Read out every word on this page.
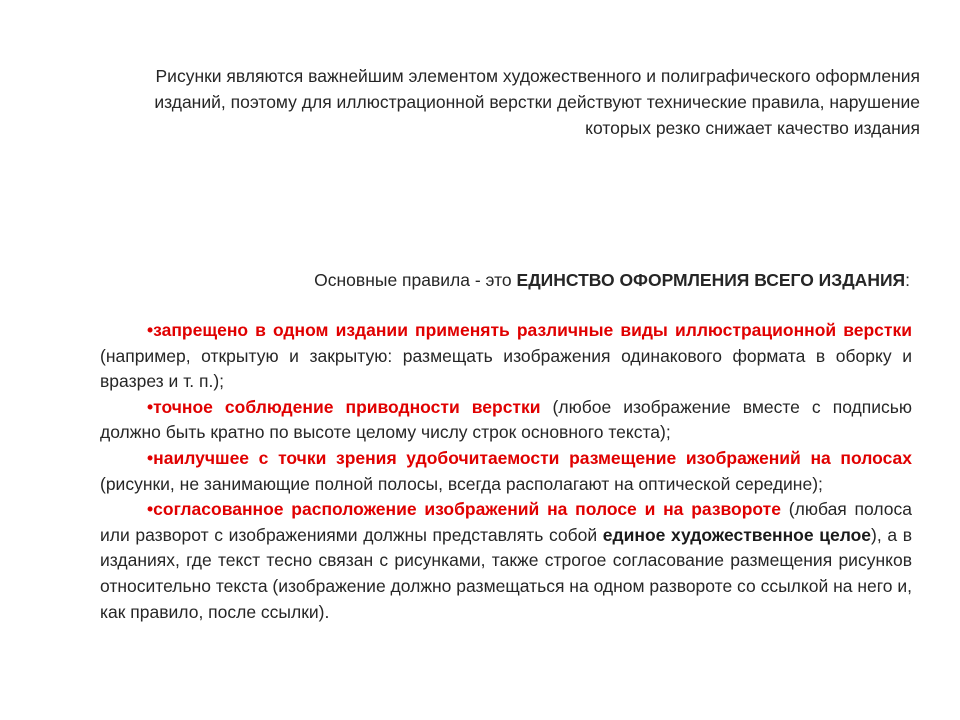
Рисунки являются важнейшим элементом художественного и полиграфического оформления изданий, поэтому для иллюстрационной верстки действуют технические правила, нарушение которых резко снижает качество издания
Основные правила - это ЕДИНСТВО ОФОРМЛЕНИЯ ВСЕГО ИЗДАНИЯ:
•запрещено в одном издании применять различные виды иллюстрационной верстки (например, открытую и закрытую: размещать изображения одинакового формата в оборку и вразрез и т. п.);
•точное соблюдение приводности верстки (любое изображение вместе с подписью должно быть кратно по высоте целому числу строк основного текста);
•наилучшее с точки зрения удобочитаемости размещение изображений на полосах (рисунки, не занимающие полной полосы, всегда располагают на оптической середине);
•согласованное расположение изображений на полосе и на развороте (любая полоса или разворот с изображениями должны представлять собой единое художественное целое), а в изданиях, где текст тесно связан с рисунками, также строгое согласование размещения рисунков относительно текста (изображение должно размещаться на одном развороте со ссылкой на него и, как правило, после ссылки).
